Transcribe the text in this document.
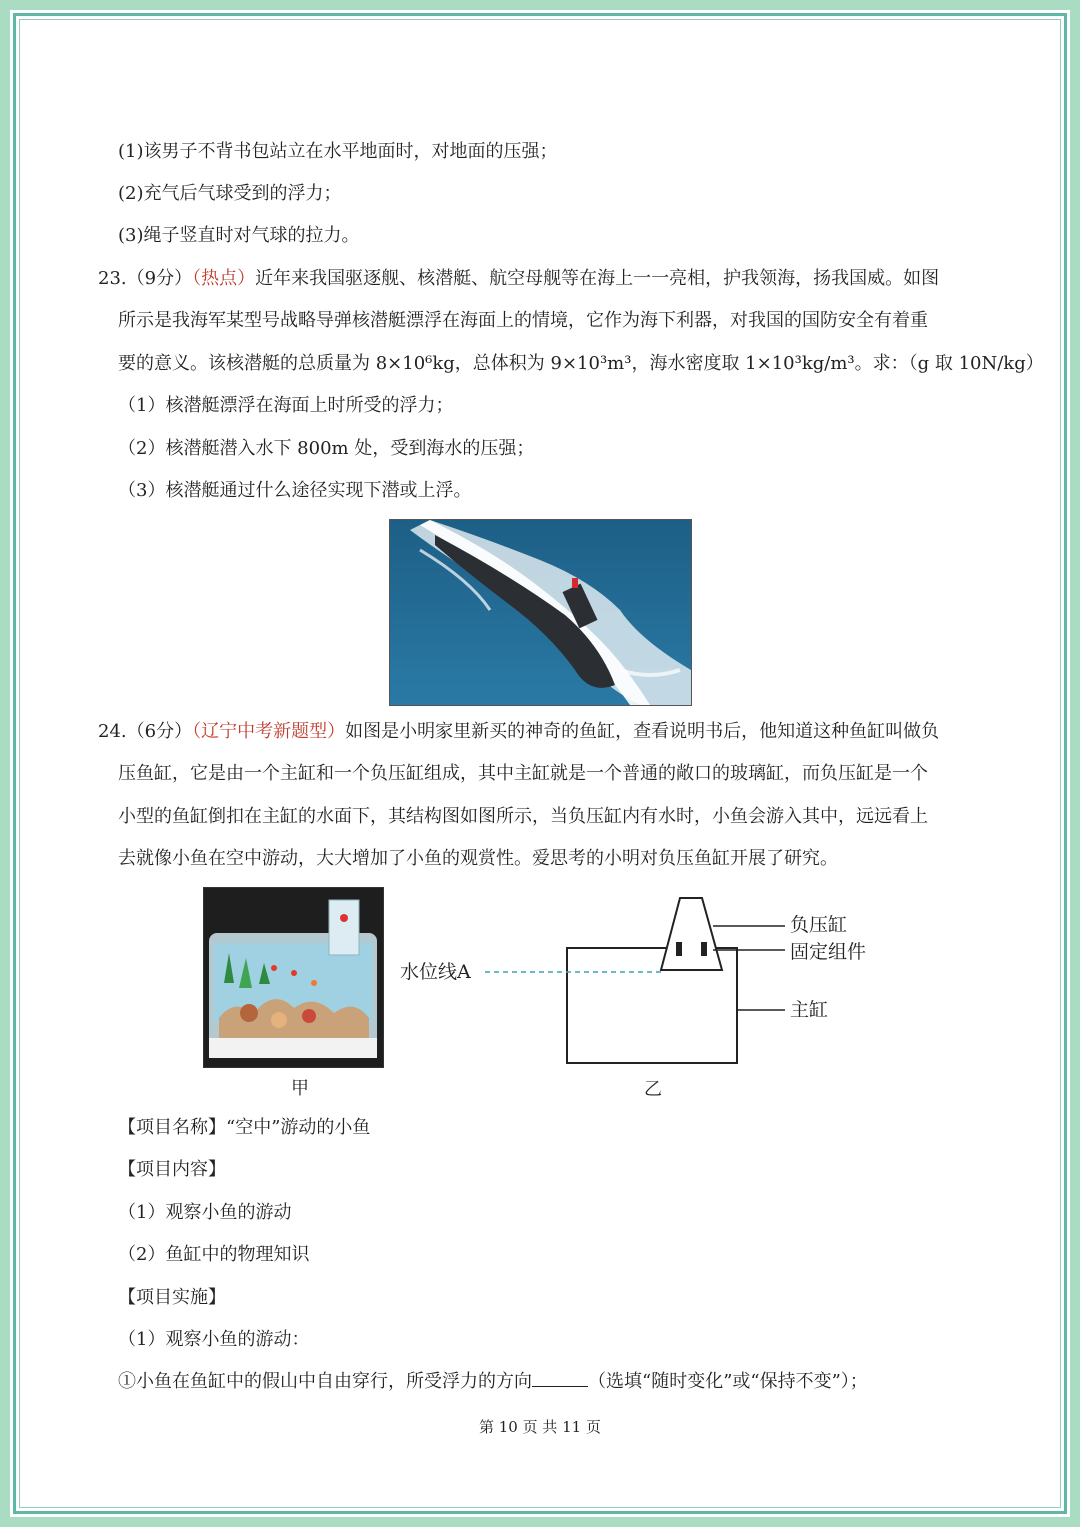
(1)该男子不背书包站立在水平地面时，对地面的压强；
(2)充气后气球受到的浮力；
(3)绳子竖直时对气球的拉力。
23.（9分）（热点）近年来我国驱逐舰、核潜艇、航空母舰等在海上一一亮相，护我领海，扬我国威。如图
所示是我海军某型号战略导弹核潜艇漂浮在海面上的情境，它作为海下利器，对我国的国防安全有着重
要的意义。该核潜艇的总质量为 8×10⁶kg，总体积为 9×10³m³，海水密度取 1×10³kg/m³。求：（g 取 10N/kg）
（1）核潜艇漂浮在海面上时所受的浮力；
（2）核潜艇潜入水下 800m 处，受到海水的压强；
（3）核潜艇通过什么途径实现下潜或上浮。
24.（6分）（辽宁中考新题型）如图是小明家里新买的神奇的鱼缸，查看说明书后，他知道这种鱼缸叫做负
压鱼缸，它是由一个主缸和一个负压缸组成，其中主缸就是一个普通的敞口的玻璃缸，而负压缸是一个
小型的鱼缸倒扣在主缸的水面下，其结构图如图所示，当负压缸内有水时，小鱼会游入其中，远远看上
去就像小鱼在空中游动，大大增加了小鱼的观赏性。爱思考的小明对负压鱼缸开展了研究。
甲
负压缸
固定组件
主缸
水位线A
乙
【项目名称】“空中”游动的小鱼
【项目内容】
（1）观察小鱼的游动
（2）鱼缸中的物理知识
【项目实施】
（1）观察小鱼的游动：
①小鱼在鱼缸中的假山中自由穿行，所受浮力的方向	（选填“随时变化”或“保持不变”）；
第 10 页 共 11 页
